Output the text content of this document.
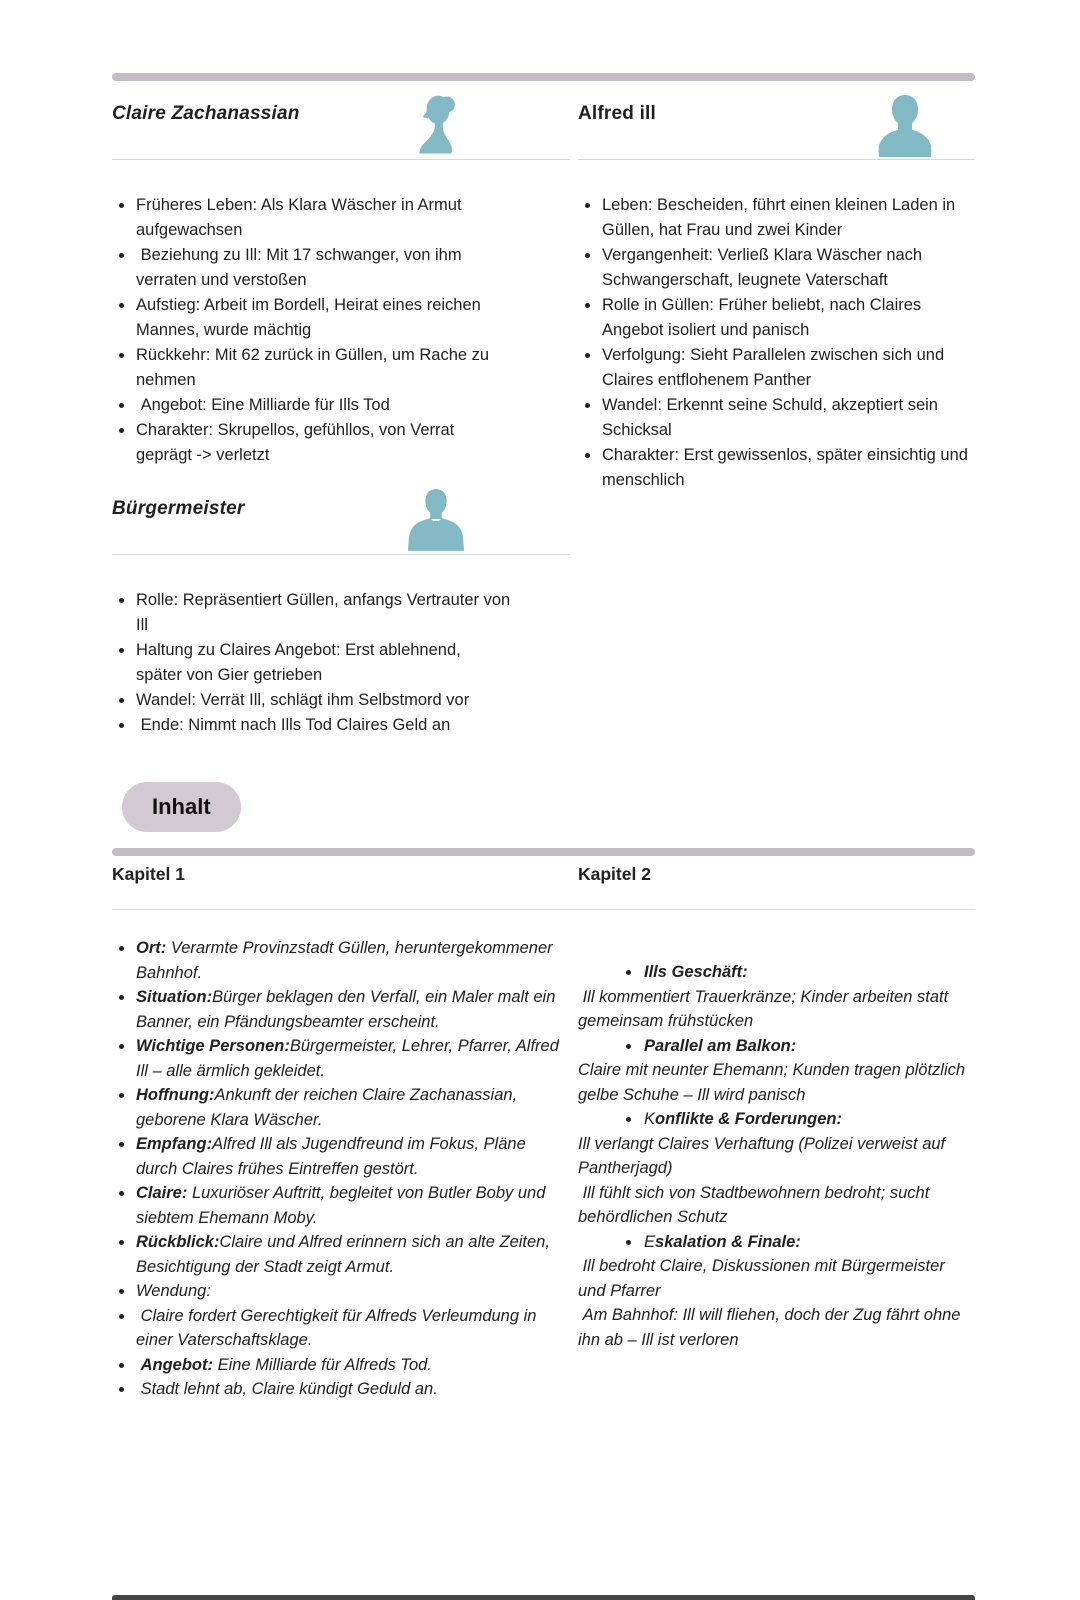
Claire Zachanassian
Früheres Leben: Als Klara Wäscher in Armut aufgewachsen
Beziehung zu Ill: Mit 17 schwanger, von ihm verraten und verstoßen
Aufstieg: Arbeit im Bordell, Heirat eines reichen Mannes, wurde mächtig
Rückkehr: Mit 62 zurück in Güllen, um Rache zu nehmen
Angebot: Eine Milliarde für Ills Tod
Charakter: Skrupellos, gefühllos, von Verrat geprägt -> verletzt
Bürgermeister
Rolle: Repräsentiert Güllen, anfangs Vertrauter von Ill
Haltung zu Claires Angebot: Erst ablehnend, später von Gier getrieben
Wandel: Verrät Ill, schlägt ihm Selbstmord vor
Ende: Nimmt nach Ills Tod Claires Geld an
Alfred ill
Leben: Bescheiden, führt einen kleinen Laden in Güllen, hat Frau und zwei Kinder
Vergangenheit: Verließ Klara Wäscher nach Schwangerschaft, leugnete Vaterschaft
Rolle in Güllen: Früher beliebt, nach Claires Angebot isoliert und panisch
Verfolgung: Sieht Parallelen zwischen sich und Claires entflohenem Panther
Wandel: Erkennt seine Schuld, akzeptiert sein Schicksal
Charakter: Erst gewissenlos, später einsichtig und menschlich
Inhalt
Kapitel 1	Kapitel 2
Ort: Verarmte Provinzstadt Güllen, heruntergekommener Bahnhof.
Situation:Bürger beklagen den Verfall, ein Maler malt ein Banner, ein Pfändungsbeamter erscheint.
Wichtige Personen:Bürgermeister, Lehrer, Pfarrer, Alfred Ill – alle ärmlich gekleidet.
Hoffnung:Ankunft der reichen Claire Zachanassian, geborene Klara Wäscher.
Empfang:Alfred Ill als Jugendfreund im Fokus, Pläne durch Claires frühes Eintreffen gestört.
Claire: Luxuriöser Auftritt, begleitet von Butler Boby und siebtem Ehemann Moby.
Rückblick:Claire und Alfred erinnern sich an alte Zeiten, Besichtigung der Stadt zeigt Armut.
Wendung:
Claire fordert Gerechtigkeit für Alfreds Verleumdung in einer Vaterschaftsklage.
Angebot: Eine Milliarde für Alfreds Tod.
Stadt lehnt ab, Claire kündigt Geduld an.
Ills Geschäft:
Ill kommentiert Trauerkränze; Kinder arbeiten statt gemeinsam frühstücken
Parallel am Balkon:
Claire mit neunter Ehemann; Kunden tragen plötzlich gelbe Schuhe – Ill wird panisch
Konflikte & Forderungen:
Ill verlangt Claires Verhaftung (Polizei verweist auf Pantherjagd)
Ill fühlt sich von Stadtbewohnern bedroht; sucht behördlichen Schutz
Eskalation & Finale:
Ill bedroht Claire, Diskussionen mit Bürgermeister und Pfarrer
Am Bahnhof: Ill will fliehen, doch der Zug fährt ohne ihn ab – Ill ist verloren
